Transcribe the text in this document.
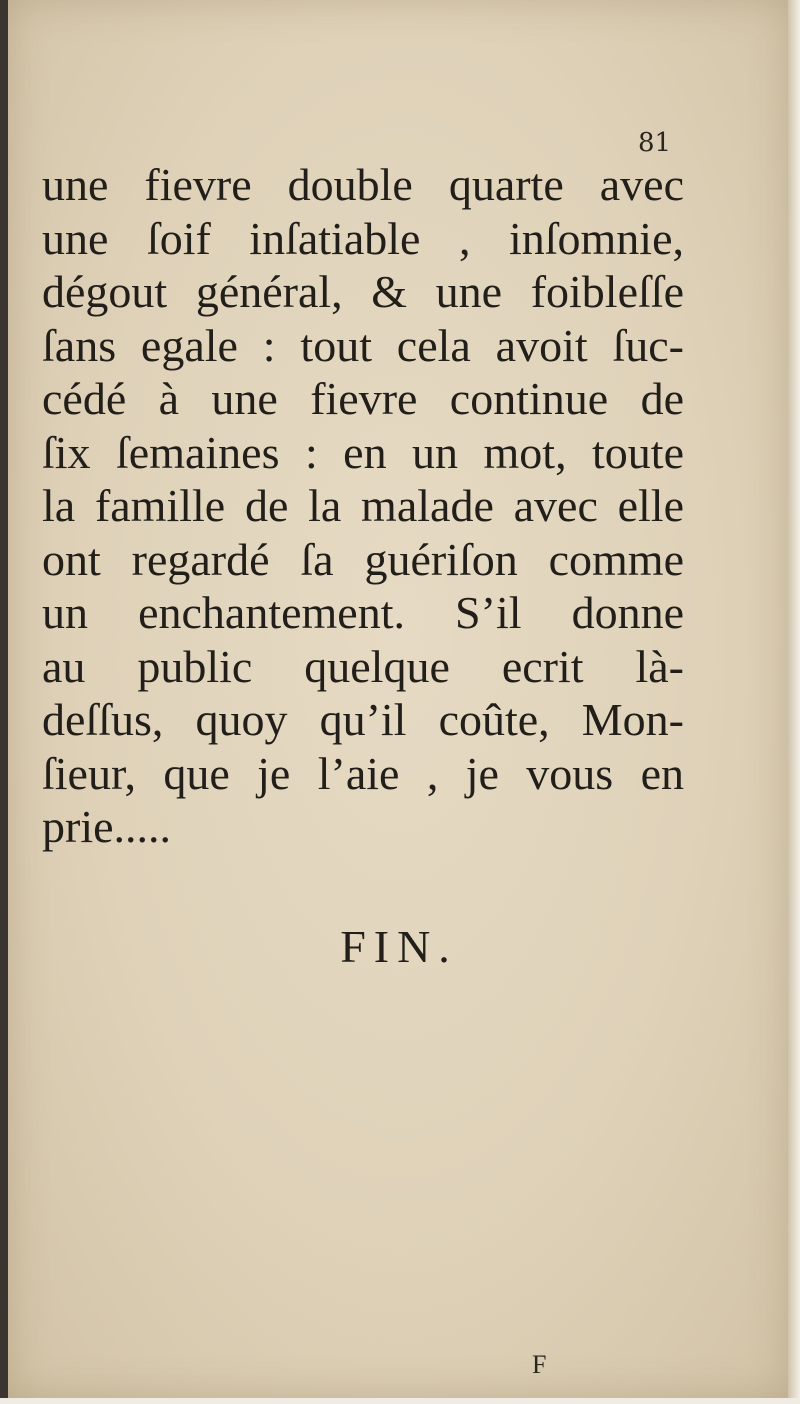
81
une fievre double quarte avec
une ſoif inſatiable , inſomnie,
dégout général, & une foibleſſe
ſans egale : tout cela avoit ſuc-
cédé à une fievre continue de
ſix ſemaines : en un mot, toute
la famille de la malade avec elle
ont regardé ſa guériſon comme
un enchantement. S’il donne
au public quelque ecrit là-
deſſus, quoy qu’il coûte, Mon-
ſieur, que je l’aie , je vous en
prie.....
FIN.
F
